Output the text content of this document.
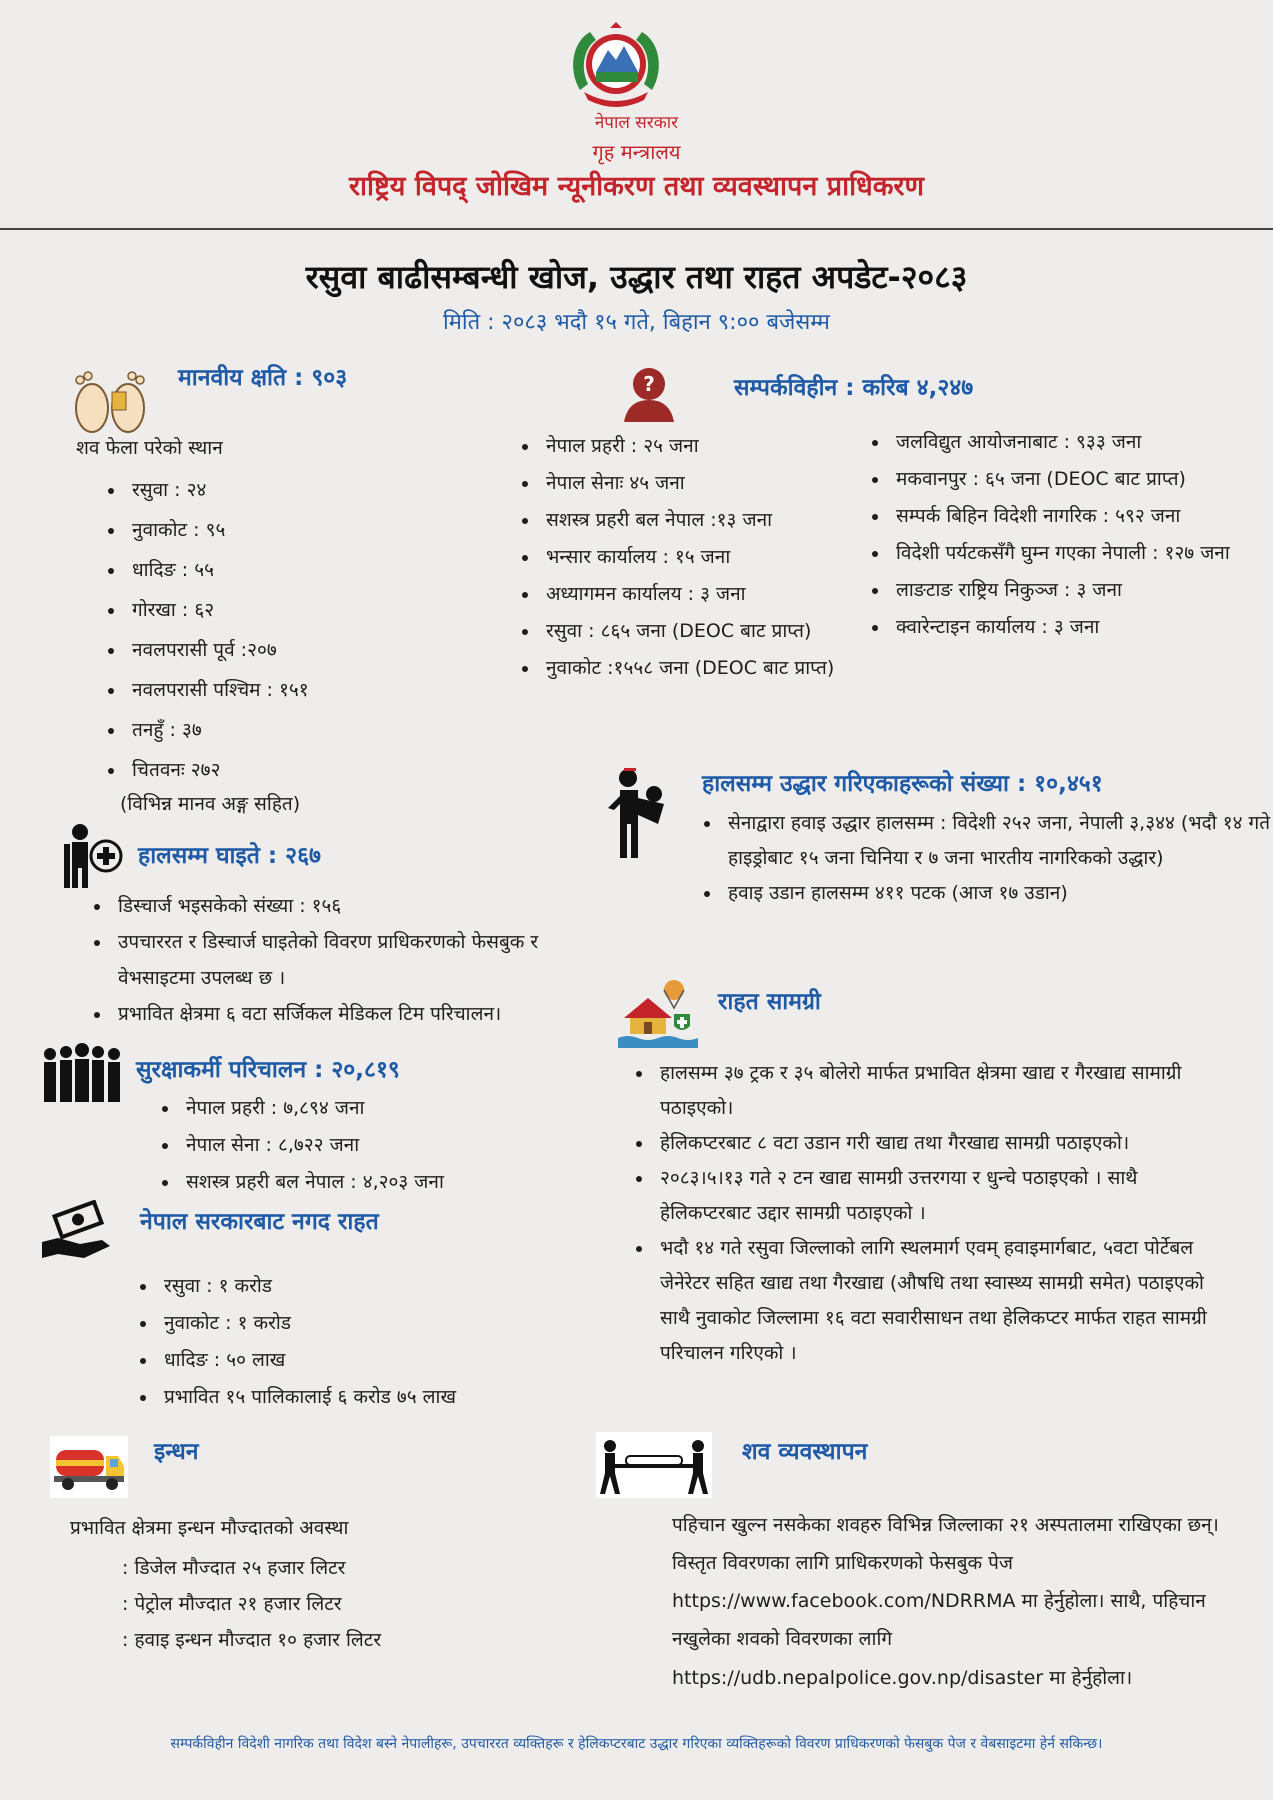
नेपाल सरकार
गृह मन्त्रालय
राष्ट्रिय विपद् जोखिम न्यूनीकरण तथा व्यवस्थापन प्राधिकरण
रसुवा बाढीसम्बन्धी खोज, उद्धार तथा राहत अपडेट-२०८३
मिति : २०८३ भदौ १५ गते, बिहान ९:०० बजेसम्म
मानवीय क्षति : ९०३
शव फेला परेको स्थान
• रसुवा : २४
• नुवाकोट : ९५
• धादिङ : ५५
• गोरखा : ६२
• नवलपरासी पूर्व :२०७
• नवलपरासी पश्चिम : १५१
• तनहुँ : ३७
• चितवनः २७२
(विभिन्न मानव अङ्ग सहित)
?	सम्पर्कविहीन : करिब ४,२४७
• नेपाल प्रहरी : २५ जना
• नेपाल सेनाः ४५ जना
• सशस्त्र प्रहरी बल नेपाल :१३ जना
• भन्सार कार्यालय : १५ जना
• अध्यागमन कार्यालय : ३ जना
• रसुवा : ८६५ जना (DEOC बाट प्राप्त)
• नुवाकोट :१५५८ जना (DEOC बाट प्राप्त)
• जलविद्युत आयोजनाबाट : ९३३ जना
• मकवानपुर : ६५ जना (DEOC बाट प्राप्त)
• सम्पर्क बिहिन विदेशी नागरिक : ५९२ जना
• विदेशी पर्यटकसँगै घुम्न गएका नेपाली : १२७ जना
• लाङटाङ राष्ट्रिय निकुञ्ज : ३ जना
• क्वारेन्टाइन कार्यालय : ३ जना
हालसम्म उद्धार गरिएकाहरूको संख्या : १०,४५१
• सेनाद्वारा हवाइ उद्धार हालसम्म : विदेशी २५२ जना, नेपाली ३,३४४ (भदौ १४ गते हाइड्रोबाट १५ जना चिनिया र ७ जना भारतीय नागरिकको उद्धार)
• हवाइ उडान हालसम्म ४११ पटक (आज १७ उडान)
हालसम्म घाइते : २६७
• डिस्चार्ज भइसकेको संख्या : १५६
• उपचाररत र डिस्चार्ज घाइतेको विवरण प्राधिकरणको फेसबुक र वेभसाइटमा उपलब्ध छ ।
• प्रभावित क्षेत्रमा ६ वटा सर्जिकल मेडिकल टिम परिचालन।
सुरक्षाकर्मी परिचालन : २०,८१९
• नेपाल प्रहरी : ७,८९४ जना
• नेपाल सेना : ८,७२२ जना
• सशस्त्र प्रहरी बल नेपाल : ४,२०३ जना
राहत सामग्री
• हालसम्म ३७ ट्रक र ३५ बोलेरो मार्फत प्रभावित क्षेत्रमा खाद्य र गैरखाद्य सामाग्री पठाइएको।
• हेलिकप्टरबाट ८ वटा उडान गरी खाद्य तथा गैरखाद्य सामग्री पठाइएको।
• २०८३।५।१३ गते २ टन खाद्य सामग्री उत्तरगया र धुन्चे पठाइएको । साथै हेलिकप्टरबाट उद्दार सामग्री पठाइएको ।
• भदौ १४ गते रसुवा जिल्लाको लागि स्थलमार्ग एवम् हवाइमार्गबाट, ५वटा पोर्टेबल जेनेरेटर सहित खाद्य तथा गैरखाद्य (औषधि तथा स्वास्थ्य सामग्री समेत) पठाइएको साथै नुवाकोट जिल्लामा १६ वटा सवारीसाधन तथा हेलिकप्टर मार्फत राहत सामग्री परिचालन गरिएको ।
नेपाल सरकारबाट नगद राहत
• रसुवा : १ करोड
• नुवाकोट : १ करोड
• धादिङ : ५० लाख
• प्रभावित १५ पालिकालाई ६ करोड ७५ लाख
इन्धन
प्रभावित क्षेत्रमा इन्धन मौज्दातको अवस्था
: डिजेल मौज्दात २५ हजार लिटर
: पेट्रोल मौज्दात २१ हजार लिटर
: हवाइ इन्धन मौज्दात १० हजार लिटर
शव व्यवस्थापन
पहिचान खुल्न नसकेका शवहरु विभिन्न जिल्लाका २१ अस्पतालमा राखिएका छन्। विस्तृत विवरणका लागि प्राधिकरणको फेसबुक पेज https://www.facebook.com/NDRRMA मा हेर्नुहोला। साथै, पहिचान नखुलेका शवको विवरणका लागि
https://udb.nepalpolice.gov.np/disaster मा हेर्नुहोला।
सम्पर्कविहीन विदेशी नागरिक तथा विदेश बस्ने नेपालीहरू, उपचाररत व्यक्तिहरू र हेलिकप्टरबाट उद्धार गरिएका व्यक्तिहरूको विवरण प्राधिकरणको फेसबुक पेज र वेबसाइटमा हेर्न सकिन्छ।
